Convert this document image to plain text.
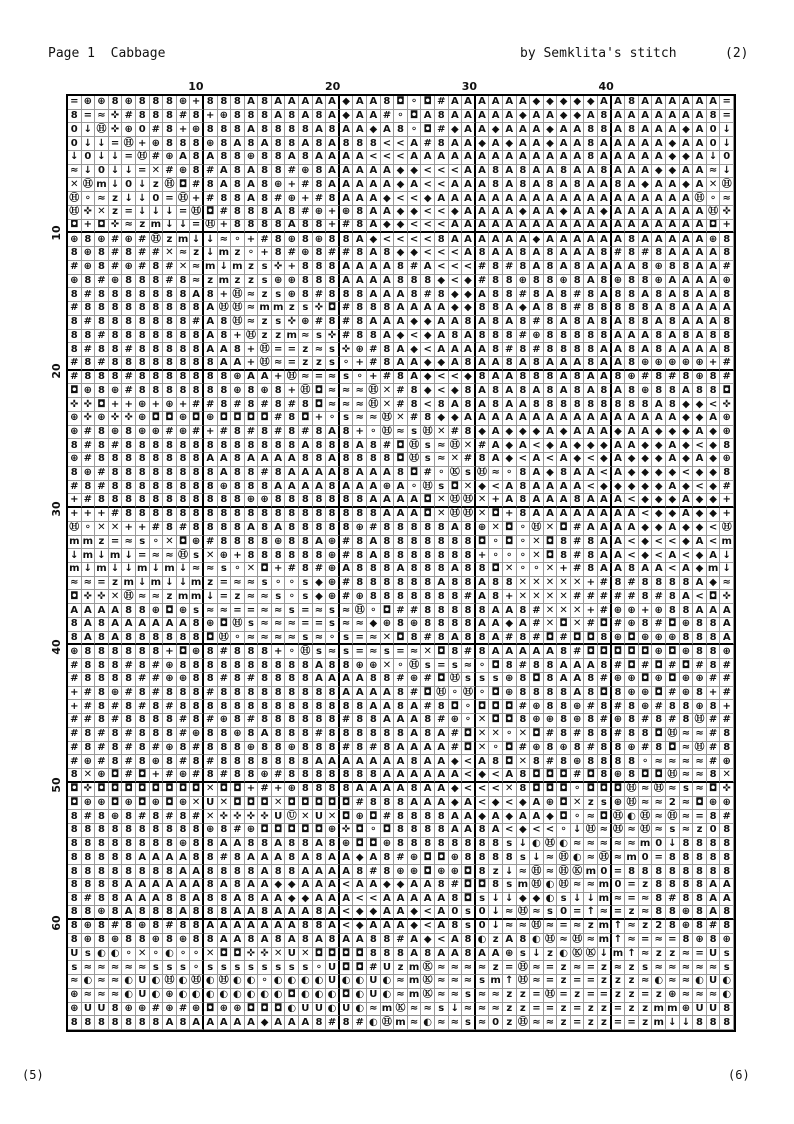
Page 1  Cabbage	by Semklita's stitch	(2)
10	20	30	40
10
20
30
40
50
60
= ⊕ ⊕ 8 ⊕ 8 8 8 ⊕ + 8 8 8 A 8 A A A A A ◆ A A 8 ◘ ⚬ ◘ # A A A A A A ◆ ◆ ◆ ◆ ◆ A A 8 A A A A A A =
8 = ≈ ✜ # 8 8 8 # 8 + ⊕ 8 8 8 A 8 A 8 A ◆ A A # ⚬ ◘ A 8 A A A A A ◆ A A ◆ ◆ A 8 A A A A A A A 8 =
0 ↓ Ⓗ ✜ ⊕ 0 # 8 + ⊕ 8 8 8 A 8 8 8 8 A 8 A A ◆ A 8 ⚬ ◘ # ◆ A A ◆ A A A ◆ A A 8 8 A 8 A A A ◆ A 0 ↓
0 ↓ ↓ = Ⓗ + ⊕ 8 8 8 ⊕ 8 A 8 A 8 8 A 8 A 8 8 8 < < A # 8 A A ◆ A ◆ A A ◆ A A 8 A A A A A ◆ A A 0 ↓
↓ 0 ↓ ↓ = Ⓗ # ⊕ A 8 A 8 8 ⊕ 8 8 A 8 A A A A < < < A A A A A A A A A A A A A 8 A A A A A ◆ ◆ A ↓ 0
≈ ↓ 0 ↓ ↓ = ✕ # ⊕ 8 # A 8 A 8 8 # ⊕ 8 A A A A A ◆ ◆ < < < A A 8 A 8 A A 8 A A 8 A A A ◆ ◆ A A ≈ ↓
✕ Ⓗ m ↓ 0 ↓ z Ⓗ ◘ # 8 A 8 A 8 ⊕ + # 8 A A A A A ◆ A < < A A A 8 A 8 A 8 A 8 A A 8 A ◆ A A ◆ A ✕ Ⓗ
Ⓗ ⚬ ≈ z ↓ ↓ 0 = Ⓗ + # 8 8 A 8 # ⊕ + # 8 A A A ◆ < < ◆ A A A A A A A A A A A A A A A A A A A Ⓗ ⚬ ≈
Ⓗ ✜ ✕ z = ↓ ↓ ↓ = Ⓗ ◘ # 8 8 8 A 8 # ⊕ + ⊕ 8 A A ◆ ◆ < < ◆ A A A A ◆ A A ◆ A A ◆ A A A A A A A Ⓗ ✜
◘ + ◘ ✜ ≈ z m ↓ ↓ = Ⓗ + 8 8 8 8 A 8 8 + # 8 A ◆ ◆ < < < A A A A A A A A A A A A A A A A A A A ◘ +
⊕ 8 ⊕ # ⊕ # Ⓗ z m ↓ ↓ ≈ ⚬ + # 8 ⊕ 8 ⊕ 8 8 A ◆ < < < < 8 A A A A A A ◆ A A A A A A 8 A A A A A ⊕ 8
8 ⊕ 8 # 8 # # ✕ ≈ z ↓ m z ⚬ + 8 # ⊕ 8 # # 8 A 8 ◆ ◆ < < < A 8 A A 8 A 8 A A A 8 # 8 # 8 A A A A 8
# ⊕ 8 # ⊕ # 8 # ✕ ≈ m ↓ m z s ✜ + 8 8 8 A A A A 8 # A < < < # 8 # 8 A 8 A 8 A A A A 8 ⊕ 8 8 A A #
⊕ 8 # ⊕ 8 8 8 # 8 ≈ z m z z s ⊕ ⊕ 8 8 8 A A A A 8 8 8 ◆ < ◆ # 8 8 ⊕ 8 8 ⊕ 8 A 8 ⊕ 8 8 ⊕ A A A A ⊕
8 # 8 8 8 8 8 8 8 A 8 + Ⓗ ≈ z s ⊕ 8 # 8 8 8 A A A 8 # 8 ◆ ◆ A 8 8 # 8 A 8 # 8 A 8 8 A 8 A 8 A A 8
# 8 8 8 8 8 8 8 8 8 A Ⓗ Ⓗ ≈ m m z s ✜ ◘ # 8 8 8 A A A A ◆ ◆ 8 8 A ◆ A 8 8 # 8 8 8 8 8 A 8 A A A A
8 # 8 8 8 8 8 8 8 # A 8 Ⓗ ≈ z s ✜ ⊕ # 8 # 8 A A A ◆ ◆ A A 8 A 8 A 8 # 8 A 8 A 8 A 8 8 A 8 A A A 8
8 8 # 8 8 8 8 8 8 8 A 8 + Ⓗ z z m ≈ s ✜ # 8 8 A ◆ < ◆ A 8 A 8 8 8 # ⊕ 8 8 8 8 8 A A A 8 A 8 A 8 8
8 # 8 8 # 8 8 8 8 8 A A 8 + Ⓗ = = z ≈ s ✜ ⊕ # 8 A ◆ < A A A A 8 # 8 # 8 8 8 8 A A 8 A 8 A A A A 8
# 8 # 8 8 8 8 8 8 8 8 A A + Ⓗ ≈ = z z s ⚬ + # 8 A A ◆ ◆ A 8 A A 8 A 8 A A A 8 A A 8 ⊕ ⊕ ⊕ ⊕ ⊕ + #
# 8 8 8 # 8 8 8 8 8 8 8 ⊕ A A + Ⓗ ≈ = ≈ s ⚬ + # 8 A ◆ < < ◆ 8 A A 8 8 8 A 8 A A 8 ⊕ # 8 # 8 ⊕ 8 #
◘ ⊕ 8 ⊕ # 8 8 8 8 8 8 8 ⊕ 8 ⊕ 8 + Ⓗ ◘ ≈ ≈ ≈ Ⓗ ✕ # 8 ◆ < ◆ 8 A 8 A 8 A 8 A 8 A 8 A 8 ⊕ 8 8 A 8 8 ◘
✜ ✜ ◘ + + ⊕ + ⊕ + # # 8 # 8 # 8 # 8 ◘ ≈ ≈ ≈ Ⓗ ✕ # 8 < 8 A 8 A 8 A A 8 8 8 8 8 8 8 8 8 A 8 ◆ ◆ < ✜
⊕ ✜ ⊕ ✜ ✜ ⊕ ◘ ◘ ⊕ ◘ ⊕ ◘ ◘ ◘ ◘ # 8 ◘ + ⚬ s ≈ ≈ Ⓗ ✕ # 8 ◆ ◆ A A A A A A A A A A A A A A A A ◆ ◆ A ⊕
⊕ # 8 ⊕ 8 ⊕ ⊕ # ⊕ # + # 8 # 8 # 8 # 8 A 8 + ⚬ Ⓗ ≈ s Ⓗ ✕ # 8 ◆ A ◆ ◆ ◆ A ◆ A A A ◆ A A ◆ ◆ ◆ A ◆ ⊕
8 # 8 # 8 8 8 8 8 8 8 8 8 8 8 8 8 A 8 8 8 A 8 # ◘ Ⓗ s ≈ Ⓗ ✕ # A ◆ A < ◆ A ◆ ◆ ◆ A A ◆ ◆ A ◆ < ◆ 8
⊕ # 8 8 8 8 8 8 8 8 A A 8 A A A A 8 8 A 8 8 8 8 ◘ Ⓗ s ≈ ✕ # 8 A ◆ < A < A ◆ < ◆ A ◆ ◆ ◆ A ◆ A ◆ ⊕
8 ⊕ # 8 8 8 8 8 8 8 8 A 8 8 # 8 A A A A 8 A A A 8 ◘ # ⚬ Ⓚ s Ⓗ ≈ ⚬ 8 A ◆ 8 A A < A ◆ ◆ ◆ ◆ < ◆ ◆ 8
# 8 # 8 8 8 8 8 8 8 8 ⊕ 8 8 8 A A A A 8 A A A ⊕ A ⚬ Ⓗ s ◘ ✕ ◆ < A 8 A A A A < ◆ ◆ ◆ ◆ ◆ A ◆ < ◆ #
+ # 8 8 8 8 8 8 8 8 8 8 8 ⊕ ⊕ 8 8 8 8 8 8 8 A A A A ◘ ✕ Ⓗ Ⓗ ✕ + A 8 A A A 8 A A A < ◆ ◆ ◆ A ◆ ◆ +
+ + + # 8 8 8 8 8 8 8 8 8 8 8 8 8 8 8 8 8 8 8 A A A ◘ ✕ Ⓗ Ⓗ ✕ ◘ + 8 A A A A A A A A < ◆ ◆ A ◆ ◆ +
Ⓗ ⚬ ✕ ✕ + + # 8 # 8 8 8 8 A 8 A 8 8 8 8 8 ⊕ # 8 8 8 8 8 A 8 ⊕ ✕ ◘ ⚬ Ⓗ ✕ ◘ # A A A A ◆ ◆ A ◆ ◆ < Ⓗ
m m z = ≈ s ⚬ ✕ ◘ ⊕ # 8 8 8 8 ⊕ 8 8 A ⊕ # 8 A 8 8 8 8 8 8 8 ◘ ⚬ ◘ ⚬ ✕ ◘ 8 # 8 A A < ◆ < < ◆ A < m
↓ m ↓ m ↓ = ≈ ≈ Ⓗ s ✕ ⊕ + 8 8 8 8 8 8 ⊕ # 8 A 8 8 8 8 8 8 8 + ⚬ ⚬ ⚬ ✕ ◘ 8 # 8 A A < ◆ < A < ◆ A ↓
m ↓ m ↓ ↓ m ↓ m ↓ ≈ ≈ s ⚬ ✕ ◘ + # 8 # ⊕ A 8 8 8 A 8 8 8 A 8 8 ◘ ✕ ⚬ ⚬ ✕ + # 8 A A 8 A A < A ◆ m ↓
≈ ≈ = z m ↓ m ↓ ↓ m z = ≈ ≈ s ⚬ ⚬ s ◆ ⊕ # 8 8 8 8 8 8 A 8 8 A 8 8 ✕ ✕ ✕ ✕ ✕ + # 8 # 8 8 8 8 A ◆ ≈
◘ ✜ ✜ ✕ Ⓗ ≈ ≈ z m m ↓ = z ≈ ≈ s ⚬ s ◆ ⊕ # ⊕ 8 8 8 8 8 8 8 # A 8 + ✕ ✕ ✕ ✕ # # # # # 8 # 8 A < ◘ ✜
A A A A 8 8 ⊕ ◘ ⊕ s ≈ ≈ = = ≈ ≈ s = ≈ s ≈ Ⓗ ⚬ ◘ # # 8 8 8 8 8 A A 8 # ✕ ✕ ✕ + # ⊕ ⊕ + ⊕ 8 8 A A A
8 A 8 A A A A A A 8 ⊕ ◘ Ⓗ s ≈ ≈ ≈ = = s ≈ ≈ ◆ ⊕ 8 ⊕ 8 8 8 8 A A ◆ A # ✕ ◘ ✕ # ◘ # ⊕ 8 # ◘ ⊕ 8 8 A
8 A 8 A 8 8 8 8 8 8 ◘ Ⓗ ⚬ ≈ ≈ ≈ ≈ s ≈ ⚬ s = ≈ ✕ ◘ 8 # 8 A 8 8 A # 8 # ◘ # ◘ ◘ 8 ⊕ ◘ ⊕ ⊕ ⊕ 8 8 8 A
⊕ 8 8 8 8 8 8 + ◘ ⊕ 8 # 8 8 8 + ⚬ Ⓗ s ≈ s = ≈ s = ≈ ✕ ◘ 8 # 8 A A A A A 8 # ◘ ◘ ◘ ◘ ◘ ⊕ ◘ ⊕ 8 8 ⊕
# 8 8 8 # 8 # ⊕ 8 8 8 8 8 8 8 8 8 8 A 8 8 ⊕ ⊕ ✕ ⚬ Ⓗ s = s ≈ ⚬ ◘ 8 # 8 8 A A A 8 # ◘ # ◘ # ◘ # 8 #
# 8 8 8 8 # # ⊕ ⊕ 8 8 # 8 # 8 8 8 8 A A A A 8 8 # ⊕ # ◘ Ⓗ s s s ⊕ 8 ◘ 8 A A 8 # ⊕ ⊕ ◘ ⊕ ◘ ⊕ ⊕ # #
+ # 8 ⊕ # 8 # 8 8 8 # 8 8 8 8 8 8 8 8 8 A A A A 8 # ◘ Ⓗ ⚬ Ⓗ ⚬ ◘ ⊕ 8 8 8 8 A 8 ◘ 8 ⊕ ⊕ ◘ # ⊕ 8 + #
+ # 8 # 8 # 8 # 8 8 8 8 8 8 8 8 8 8 8 8 8 8 A A 8 A # 8 ◘ ⚬ ◘ ◘ ◘ # ⊕ 8 8 ⊕ # 8 # 8 ⊕ # 8 8 ⊕ 8 +
# # 8 # 8 8 8 8 # 8 # ⊕ 8 # 8 8 8 8 8 8 # 8 8 A A A 8 # ⊕ ⚬ ✕ ◘ ◘ 8 ⊕ ⊕ 8 ⊕ 8 # ⊕ 8 # 8 # 8 Ⓗ # #
# 8 # 8 # 8 8 8 # ⊕ 8 8 ⊕ 8 A 8 8 8 # 8 8 8 8 8 8 A 8 A # ◘ ✕ ✕ ⚬ ✕ ◘ # 8 # 8 8 # 8 8 ◘ Ⓗ ≈ ≈ # 8
# 8 # 8 # 8 # ⊕ 8 # 8 8 8 ⊕ 8 8 ⊕ 8 8 8 # 8 # 8 A A A A # ◘ ✕ ⚬ ◘ # ⊕ 8 ⊕ 8 # 8 8 ⊕ # 8 ◘ ≈ Ⓗ # 8
# ⊕ # 8 # 8 ⊕ 8 # 8 # 8 8 8 8 8 8 8 A A A A A A A 8 A A ◆ < A 8 ◘ ✕ 8 # 8 ⊕ 8 8 8 8 ⚬ ≈ ≈ ≈ ≈ # ⊕
8 ✕ ⊕ ◘ # ◘ + # ⊕ # 8 # 8 8 ⊕ # 8 8 8 8 8 8 8 A A A A A A < ◆ < A 8 ◘ ◘ ◘ # ◘ 8 ⊕ 8 ◘ ◘ Ⓗ ≈ ≈ 8 ✕
◘ ✜ ◘ ◘ ◘ ◘ ◘ ◘ ◘ ◘ ✕ ◘ ◘ + # + ⊕ 8 8 8 8 A A A A 8 A A ◆ < < < ✕ 8 ◘ ◘ ◘ ⚬ ◘ ◘ ◘ Ⓗ ≈ Ⓗ ≈ s ≈ ◘ ✜
◘ ⊕ ⊕ ◘ ⊕ ◘ ⊕ ◘ ⊕ ✕ U ✕ ◘ ◘ ◘ ✕ ◘ ◘ ◘ ◘ ◘ # 8 8 8 A A A ◆ A < ◆ < ◆ A ⊕ ◘ ✕ z s ⊕ Ⓗ ≈ ≈ 2 ≈ ◘ ⊕ ⊕
8 # 8 ⊕ 8 # 8 # 8 # ✕ ✜ ✜ ✜ ✜ U Ⓤ ✕ U ✕ ◘ ⊕ ◘ # 8 8 8 8 A A ◆ A ◆ A A ◆ ◘ ⚬ ≈ ◘ Ⓗ ◐ Ⓗ ≈ Ⓗ ≈ = 8 #
8 8 8 8 8 8 8 8 8 8 ⊕ 8 # ⊕ ◘ ◘ ◘ ◘ ◘ ⊕ ✜ ◘ ⚬ ◘ 8 8 8 8 A A 8 A < ◆ < < ⚬ ↓ Ⓗ ≈ Ⓗ ≈ Ⓗ ≈ s ≈ z 0 8
8 8 8 8 8 8 8 8 ⊕ 8 8 A A 8 8 A 8 8 A 8 ⊕ ◘ ◘ ⊕ 8 8 8 8 8 8 8 8 s ↓ ◐ Ⓗ ◐ ≈ ≈ ≈ ≈ ≈ m 0 ↓ 8 8 8 8
8 8 8 8 8 A A A A 8 8 # 8 A A A 8 A 8 A A ◆ A 8 # ⊕ ◘ ◘ ⊕ 8 8 8 8 s ↓ ≈ Ⓗ ◐ ≈ Ⓗ ≈ m 0 = 8 8 8 8 8
8 8 8 8 8 8 8 8 A A 8 8 8 8 A 8 8 A A A A 8 # 8 ⊕ ⊕ ◘ ⊕ ⊕ ◘ 8 z ↓ ≈ Ⓗ ≈ Ⓗ Ⓚ m 0 = 8 8 8 8 8 8 8 8
8 8 8 8 A A A A A A 8 A 8 A A ◆ ◆ A A A < A A ◆ ◆ A A 8 # ◘ ◘ 8 s m Ⓗ ◐ Ⓗ ≈ ≈ m 0 = z 8 8 8 8 A A
8 # 8 8 A A A 8 8 A 8 8 A 8 A A ◆ ◆ A A A < < A A A A A 8 ◘ s ↓ ↓ ◆ ◆ ◐ s ↓ ↓ m ≈ = ≈ 8 # 8 8 A A
8 8 ⊕ 8 A 8 8 8 A 8 8 8 A A 8 A A A 8 A < ◆ ◆ A A ◆ < A 0 s 0 ↓ ≈ Ⓗ ≈ s 0 = ↑ ≈ = z ≈ 8 8 ⊕ 8 A 8
8 ⊕ 8 # 8 ⊕ 8 # 8 8 A A A A A A A 8 8 A < ◆ A A A ◆ < A 8 s 0 ↓ ≈ ≈ Ⓗ ≈ = ≈ z m ↑ ≈ z 2 8 ⊕ 8 # 8
8 ⊕ 8 ⊕ 8 8 ⊕ 8 ⊕ 8 8 A A 8 A 8 A 8 A 8 A A 8 8 # A ◆ < A 8 ◐ z A 8 ◐ Ⓗ ≈ Ⓗ ≈ m ↑ ≈ = ≈ = 8 ⊕ 8 ⊕
U s ◐ ◐ ⚬ ✕ ⚬ ◐ ⚬ ⚬ ✕ ◘ ◘ ✜ ✜ ✕ U ✕ ◘ ◘ ◘ ◘ 8 8 8 A 8 A A 8 A A ⊕ s ↓ z ◐ Ⓚ Ⓚ ↓ m ↑ ≈ z z ≈ = U s
s ≈ ≈ ≈ ≈ ≈ s s s ⚬ s s s s s s s s ⚬ U ◘ ◘ # U z m Ⓚ ≈ ≈ ≈ ≈ z = Ⓗ ≈ = z ≈ = z ≈ z s ≈ ≈ ≈ ≈ ≈ s
≈ ◐ ≈ ≈ ◐ U ◐ Ⓗ ◐ Ⓗ ◐ Ⓗ ◐ ◐ ⚬ ◐ ◐ ◐ ◐ U ◐ ◐ U ◐ ≈ m Ⓚ ≈ ≈ ≈ s m ↑ Ⓗ ≈ = z = = z z z ≈ ◐ ≈ ≈ ◐ U ◐
⊕ ≈ ≈ ≈ ◐ U ◐ ⊕ ◐ ◐ ◐ ◐ ◐ ◐ ◐ ◐ ◘ ◐ ◐ ◐ ◘ ◐ U ◐ ≈ m Ⓚ ≈ ≈ s ≈ ≈ z z = Ⓗ = z = = z z = z ⊕ ≈ ≈ ≈ ◐
⊕ U U 8 ⊕ ⊕ # ⊕ # ⊕ ◘ ⊕ ⊕ ◘ ◘ ◘ ◐ U U ◐ U ◐ ≈ m Ⓚ ≈ ≈ s ↓ ≈ ≈ ≈ z z = = z = z z = z z m m ⊕ U U 8
8 8 8 8 8 8 8 A 8 A A A A A ◆ A A A 8 # 8 # ◐ Ⓗ m ≈ ◐ ≈ ≈ s ≈ 0 z Ⓗ ≈ ≈ z = z z = = z m ↓ ↓ 8 8 8
(5)	(6)
